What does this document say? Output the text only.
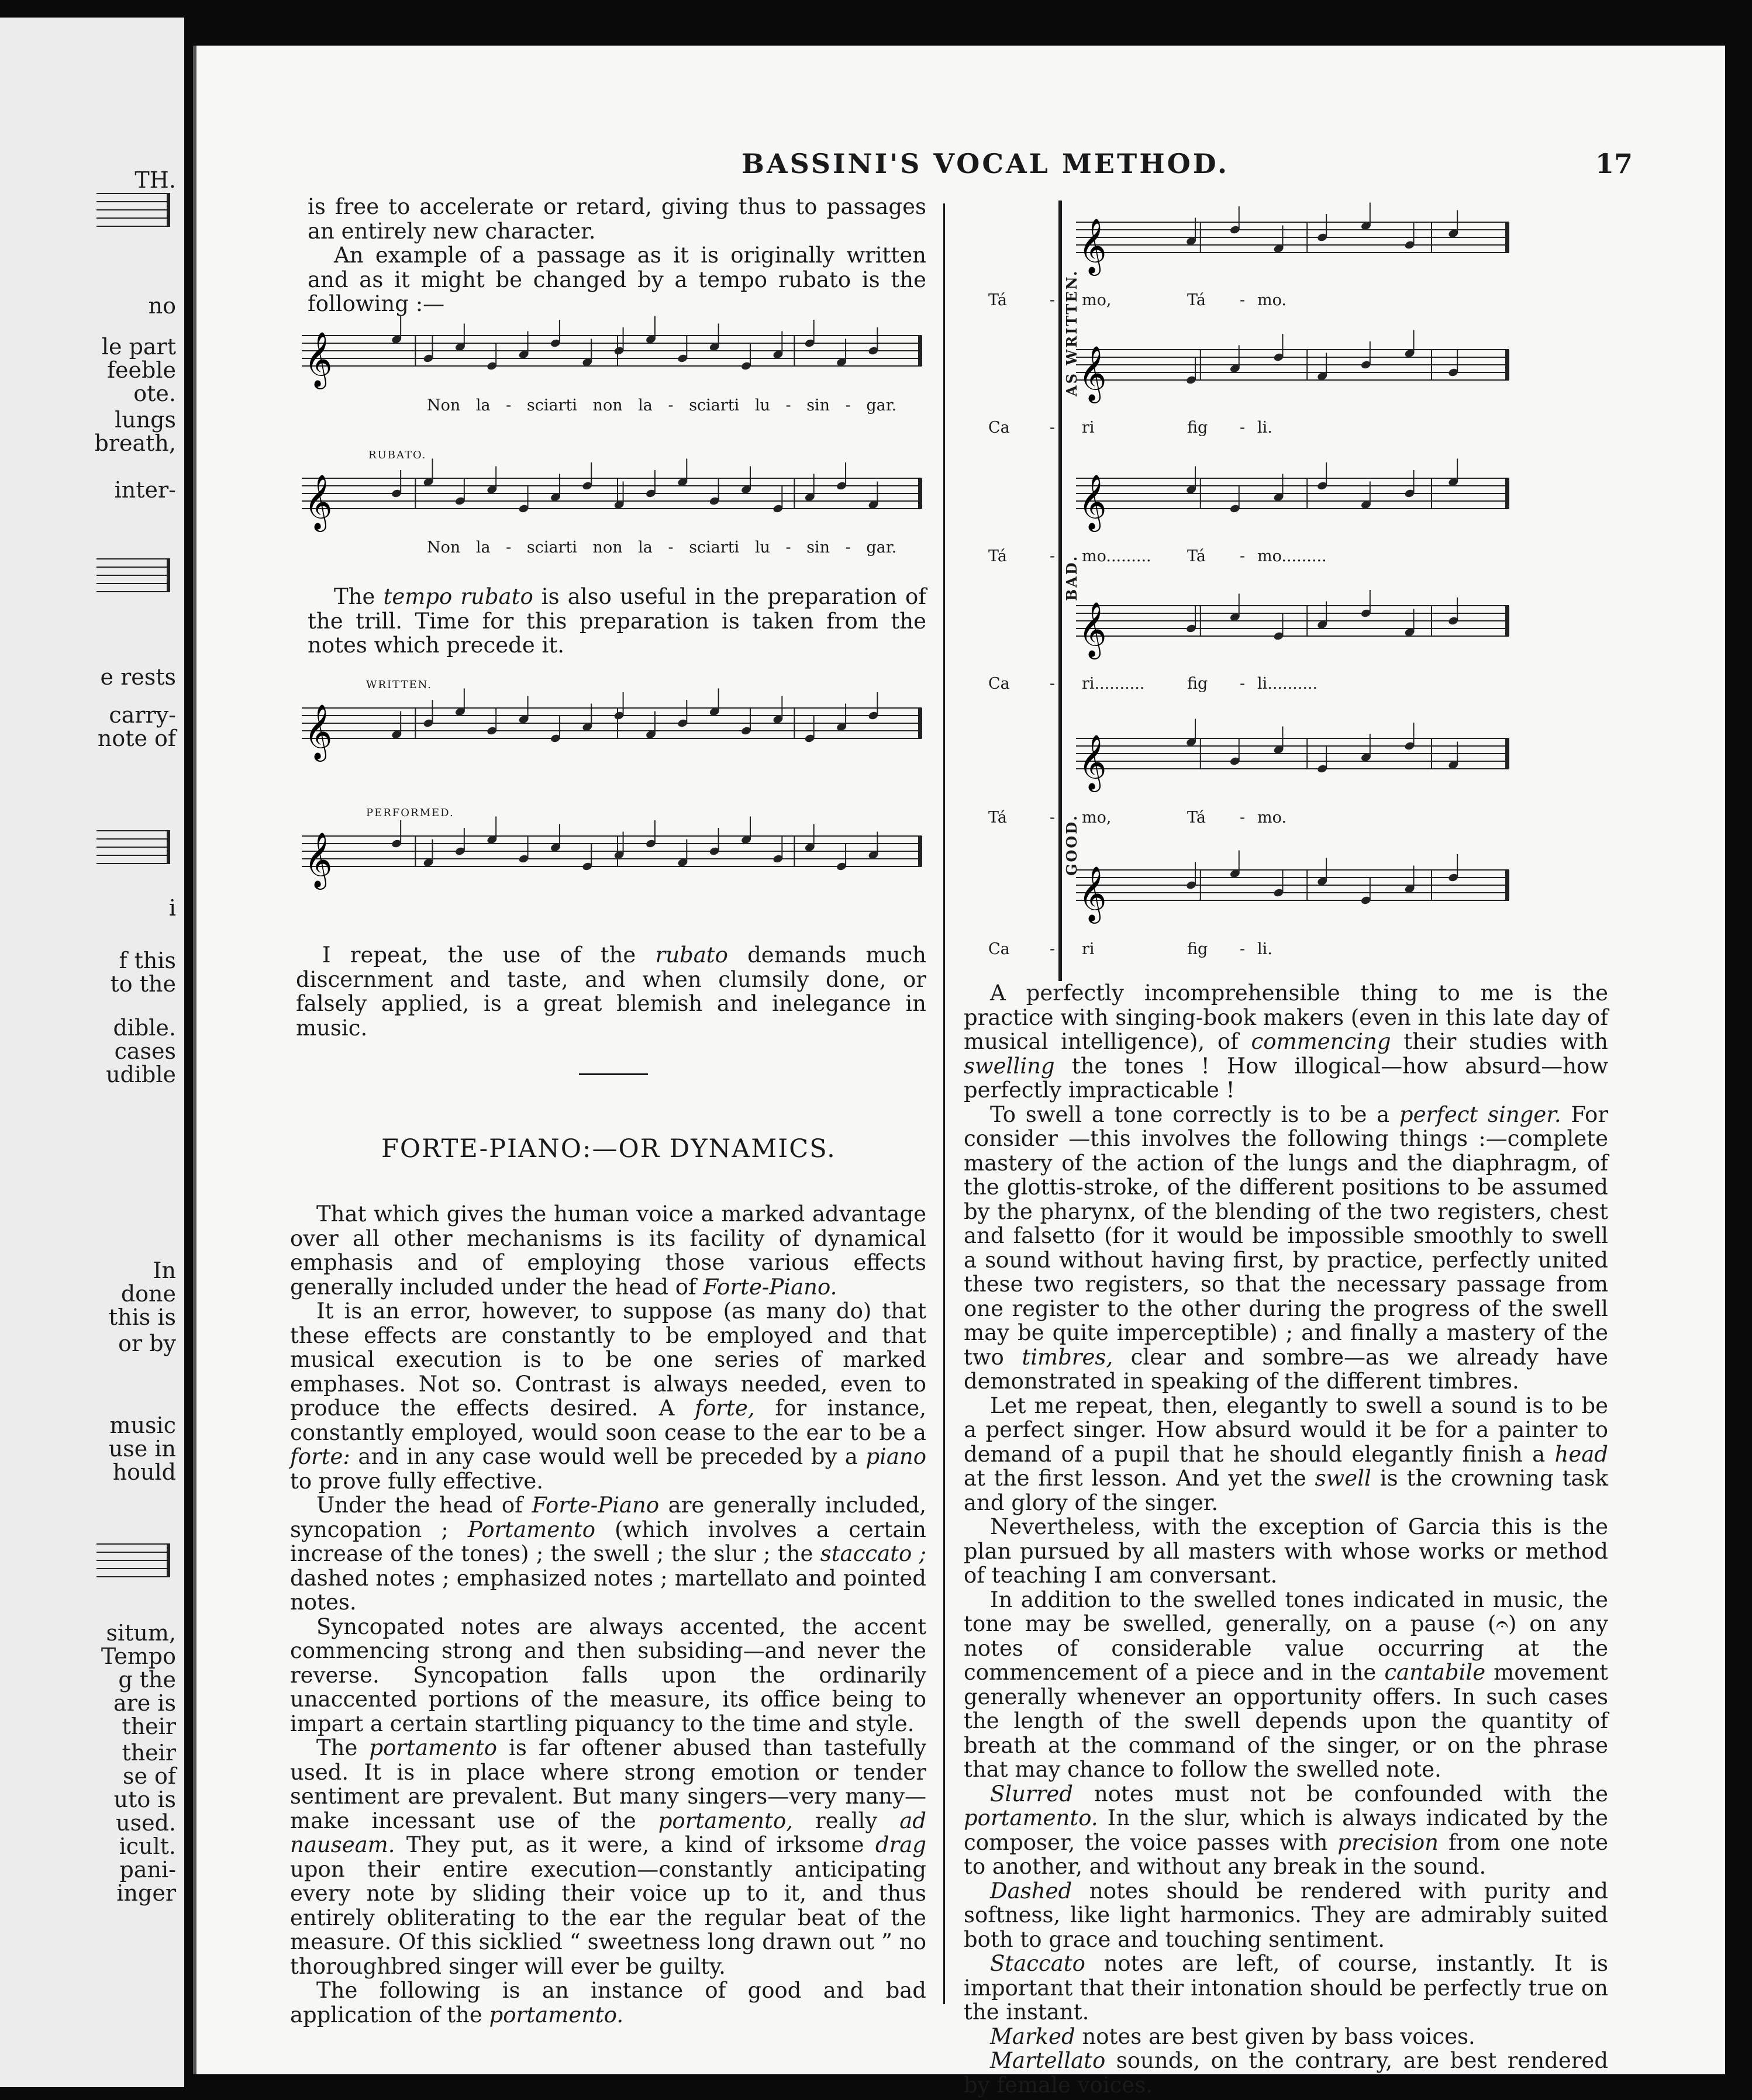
TH.
no
le part
feeble
ote.
lungs
breath,
inter-
e rests
carry-
note of
i
f this
to the
dible.
cases
udible
In
done
this is
or by
music
use in
hould
situm,
Tempo
g the
are is
their
their
se of
uto is
used.
icult.
pani-
inger
BASSINI'S VOCAL METHOD.	17

is free to accelerate or retard, giving thus to passages an entirely new character.

An example of a passage as it is originally written and as it might be changed by a tempo rubato is the following :—

𝄞
Non la - sciarti non la - sciarti lu - sin - gar.
RUBATO.
𝄞
Non la - sciarti non la - sciarti lu - sin - gar.

The tempo rubato is also useful in the preparation of the trill. Time for this preparation is taken from the notes which precede it.

WRITTEN.
𝄞
PERFORMED.
𝄞

I repeat, the use of the rubato demands much discernment and taste, and when clumsily done, or falsely applied, is a great blemish and inelegance in music.

FORTE-PIANO:—OR DYNAMICS.

That which gives the human voice a marked advantage over all other mechanisms is its facility of dynamical emphasis and of employing those various effects generally included under the head of Forte-Piano.

It is an error, however, to suppose (as many do) that these effects are constantly to be employed and that musical execution is to be one series of marked emphases. Not so. Contrast is always needed, even to produce the effects desired. A forte, for instance, constantly employed, would soon cease to the ear to be a forte: and in any case would well be preceded by a piano to prove fully effective.

Under the head of Forte-Piano are generally included, syncopation ; Portamento (which involves a certain increase of the tones) ; the swell ; the slur ; the staccato ; dashed notes ; emphasized notes ; martellato and pointed notes.

Syncopated notes are always accented, the accent commencing strong and then subsiding—and never the reverse. Syncopation falls upon the ordinarily unaccented portions of the measure, its office being to impart a certain startling piquancy to the time and style.

The portamento is far oftener abused than tastefully used. It is in place where strong emotion or tender sentiment are prevalent. But many singers—very many—make incessant use of the portamento, really ad nauseam. They put, as it were, a kind of irksome drag upon their entire execution—constantly anticipating every note by sliding their voice up to it, and thus entirely obliterating to the ear the regular beat of the measure. Of this sicklied “ sweetness long drawn out ” no thoroughbred singer will ever be guilty.

The following is an instance of good and bad application of the portamento.

AS WRITTEN.
BAD.
GOOD.
𝄞
𝄞
𝄞
𝄞
𝄞
𝄞
Tá	- mo,	Tá - mo.
Ca	- ri	fig - li.
Tá	- mo......... Tá - mo.........
Ca	- ri..........	fig - li..........
Tá	- mo,	Tá - mo.
Ca	- ri	fig - li.

A perfectly incomprehensible thing to me is the practice with singing-book makers (even in this late day of musical intelligence), of commencing their studies with swelling the tones ! How illogical—how absurd—how perfectly impracticable !

To swell a tone correctly is to be a perfect singer. For consider —this involves the following things :—complete mastery of the action of the lungs and the diaphragm, of the glottis-stroke, of the different positions to be assumed by the pharynx, of the blending of the two registers, chest and falsetto (for it would be impossible smoothly to swell a sound without having first, by practice, perfectly united these two registers, so that the necessary passage from one register to the other during the progress of the swell may be quite imperceptible) ; and finally a mastery of the two timbres, clear and sombre—as we already have demonstrated in speaking of the different timbres.

Let me repeat, then, elegantly to swell a sound is to be a perfect singer. How absurd would it be for a painter to demand of a pupil that he should elegantly finish a head at the first lesson. And yet the swell is the crowning task and glory of the singer.

Nevertheless, with the exception of Garcia this is the plan pursued by all masters with whose works or method of teaching I am conversant.

In addition to the swelled tones indicated in music, the tone may be swelled, generally, on a pause (𝄐) on any notes of considerable value occurring at the commencement of a piece and in the cantabile movement generally whenever an opportunity offers. In such cases the length of the swell depends upon the quantity of breath at the command of the singer, or on the phrase that may chance to follow the swelled note.

Slurred notes must not be confounded with the portamento. In the slur, which is always indicated by the composer, the voice passes with precision from one note to another, and without any break in the sound.

Dashed notes should be rendered with purity and softness, like light harmonics. They are admirably suited both to grace and touching sentiment.

Staccato notes are left, of course, instantly. It is important that their intonation should be perfectly true on the instant.

Marked notes are best given by bass voices.

Martellato sounds, on the contrary, are best rendered by female voices.
